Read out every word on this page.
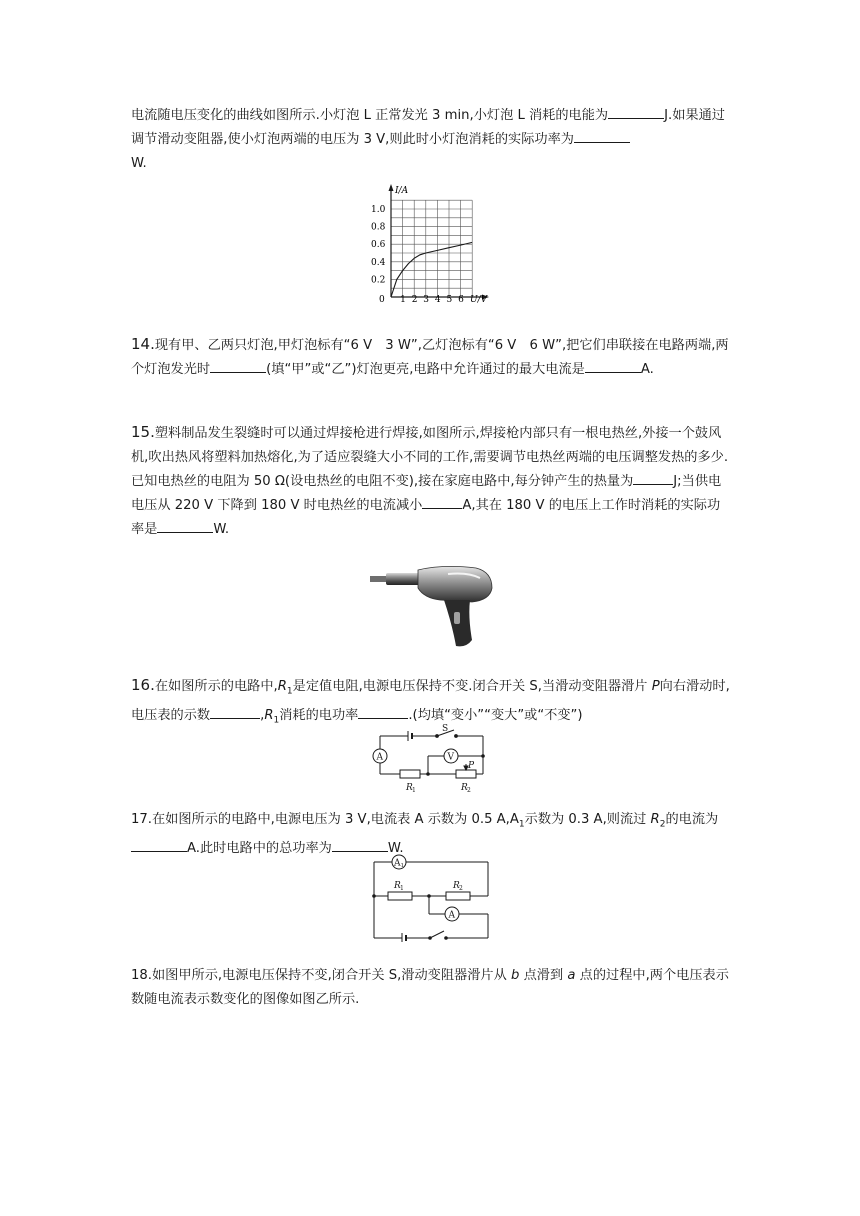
电流随电压变化的曲线如图所示.小灯泡 L 正常发光 3 min,小灯泡 L 消耗的电能为	J.如果通过调节滑动变阻器,使小灯泡两端的电压为 3 V,则此时小灯泡消耗的实际功率为
W.

I/A
U/V
0
1.0
0.8
0.6
0.4
0.2
1 2 3 4 5 6

14.现有甲、乙两只灯泡,甲灯泡标有“6 V　3 W”,乙灯泡标有“6 V　6 W”,把它们串联接在电路两端,两个灯泡发光时	(填“甲”或“乙”)灯泡更亮,电路中允许通过的最大电流是	A.

15.塑料制品发生裂缝时可以通过焊接枪进行焊接,如图所示,焊接枪内部只有一根电热丝,外接一个鼓风机,吹出热风将塑料加热熔化,为了适应裂缝大小不同的工作,需要调节电热丝两端的电压调整发热的多少.已知电热丝的电阻为 50 Ω(设电热丝的电阻不变),接在家庭电路中,每分钟产生的热量为	J;当供电电压从 220 V 下降到 180 V 时电热丝的电流减小	A,其在 180 V 的电压上工作时消耗的实际功率是	W.

16.在如图所示的电路中$,R_1$是定值电阻,电源电压保持不变.闭合开关 S,当滑动变阻器滑片 P向右滑动时,电压表的示数	$,R_1$消耗的电功率	.(均填“变小”“变大”或“不变”)

S
A	V
P
R 1	R 2

17.在如图所示的电路中,电源电压为 3 V,电流表 A 示数为 0.5 $A,A_1$示数为 0.3 A,则流过 $R_2$的电流为A.此时电路中的总功率为	W.

A 1
R 1	R 2
A

18.如图甲所示,电源电压保持不变,闭合开关 S,滑动变阻器滑片从 b 点滑到 a 点的过程中,两个电压表示数随电流表示数变化的图像如图乙所示.
